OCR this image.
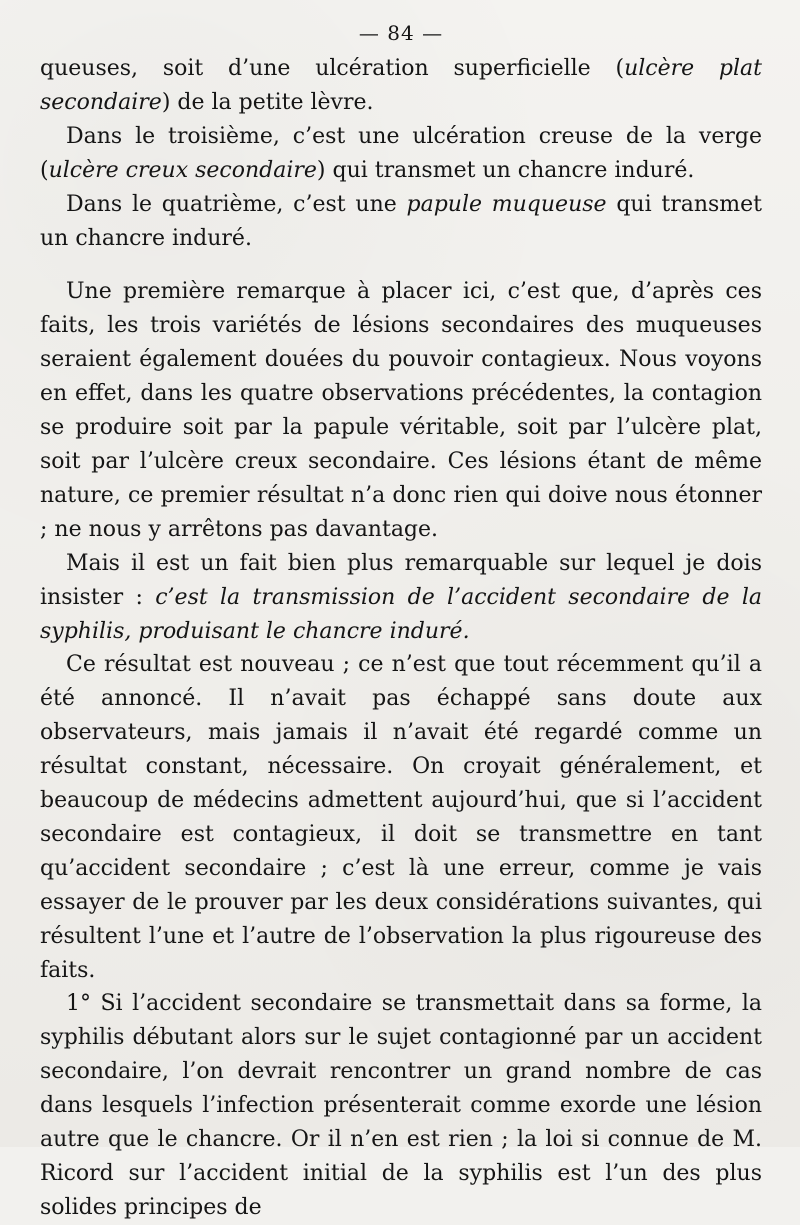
— 84 —

queuses, soit d’une ulcération superficielle (ulcère plat secondaire) de la petite lèvre.

Dans le troisième, c’est une ulcération creuse de la verge (ulcère creux secondaire) qui transmet un chancre induré.

Dans le quatrième, c’est une papule muqueuse qui transmet un chancre induré.

Une première remarque à placer ici, c’est que, d’après ces faits, les trois variétés de lésions secondaires des muqueuses seraient également douées du pouvoir contagieux. Nous voyons en effet, dans les quatre observations précédentes, la contagion se produire soit par la papule véritable, soit par l’ulcère plat, soit par l’ulcère creux secondaire. Ces lésions étant de même nature, ce premier résultat n’a donc rien qui doive nous étonner ; ne nous y arrêtons pas davantage.

Mais il est un fait bien plus remarquable sur lequel je dois insister : c’est la transmission de l’accident secondaire de la syphilis, produisant le chancre induré.

Ce résultat est nouveau ; ce n’est que tout récemment qu’il a été annoncé. Il n’avait pas échappé sans doute aux observateurs, mais jamais il n’avait été regardé comme un résultat constant, nécessaire. On croyait généralement, et beaucoup de médecins admettent aujourd’hui, que si l’accident secondaire est contagieux, il doit se transmettre en tant qu’accident secondaire ; c’est là une erreur, comme je vais essayer de le prouver par les deux considérations suivantes, qui résultent l’une et l’autre de l’observation la plus rigoureuse des faits.

1° Si l’accident secondaire se transmettait dans sa forme, la syphilis débutant alors sur le sujet contagionné par un accident secondaire, l’on devrait rencontrer un grand nombre de cas dans lesquels l’infection présenterait comme exorde une lésion autre que le chancre. Or il n’en est rien ; la loi si connue de M. Ricord sur l’accident initial de la syphilis est l’un des plus solides principes de
